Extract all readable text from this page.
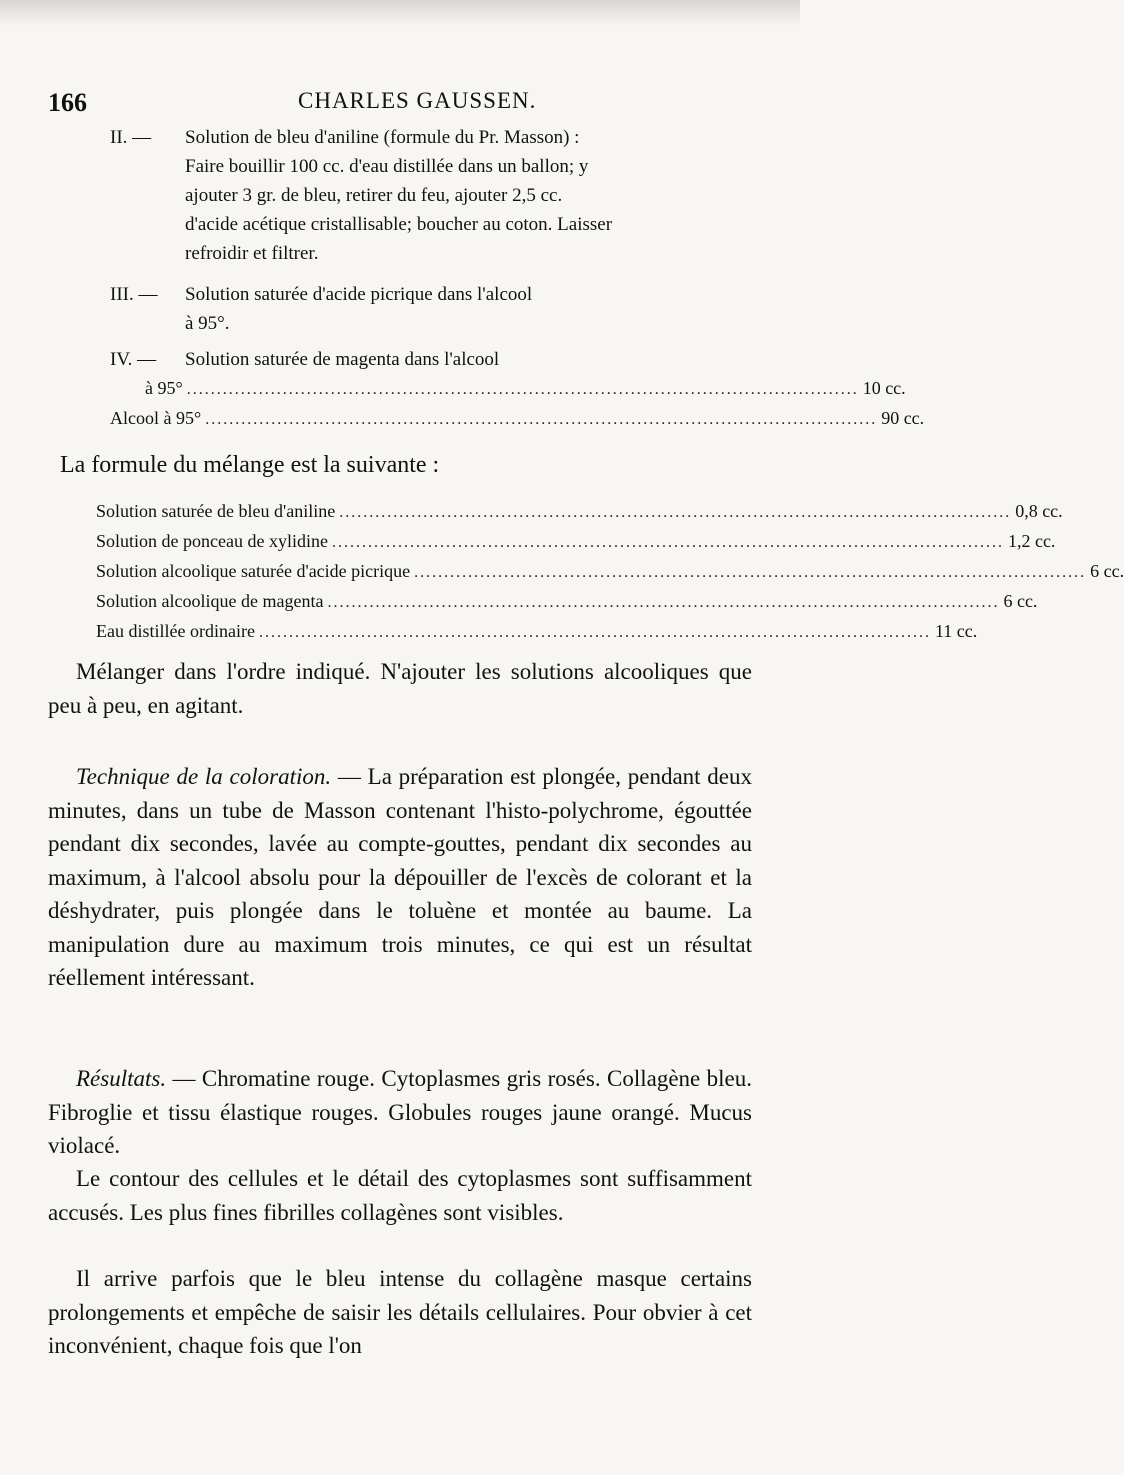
166	CHARLES GAUSSEN.
II. — Solution de bleu d'aniline (formule du Pr. Masson) :
Faire bouillir 100 cc. d'eau distillée dans un ballon; y
ajouter 3 gr. de bleu, retirer du feu, ajouter 2,5 cc.
d'acide acétique cristallisable; boucher au coton. Laisser
refroidir et filtrer.
III. — Solution saturée d'acide picrique dans l'alcool
à 95°.
IV. — Solution saturée de magenta dans l'alcool
à 95° ................................................................................................................ 10 cc.
Alcool à 95° ................................................................................................................ 90 cc.
La formule du mélange est la suivante :
Solution saturée de bleu d'aniline ................................................................................................................ 0,8 cc.
Solution de ponceau de xylidine ................................................................................................................ 1,2 cc.
Solution alcoolique saturée d'acide picrique ................................................................................................................ 6 cc.
Solution alcoolique de magenta ................................................................................................................ 6 cc.
Eau distillée ordinaire ................................................................................................................ 11 cc.

Mélanger dans l'ordre indiqué. N'ajouter les solutions alcooliques que peu à peu, en agitant.

Technique de la coloration. — La préparation est plongée, pendant deux minutes, dans un tube de Masson contenant l'histo-polychrome, égouttée pendant dix secondes, lavée au compte-gouttes, pendant dix secondes au maximum, à l'alcool absolu pour la dépouiller de l'excès de colorant et la déshydrater, puis plongée dans le toluène et montée au baume. La manipulation dure au maximum trois minutes, ce qui est un résultat réellement intéressant.

Résultats. — Chromatine rouge. Cytoplasmes gris rosés. Collagène bleu. Fibroglie et tissu élastique rouges. Globules rouges jaune orangé. Mucus violacé.

Le contour des cellules et le détail des cytoplasmes sont suffisamment accusés. Les plus fines fibrilles collagènes sont visibles.

Il arrive parfois que le bleu intense du collagène masque certains prolongements et empêche de saisir les détails cellulaires. Pour obvier à cet inconvénient, chaque fois que l'on
